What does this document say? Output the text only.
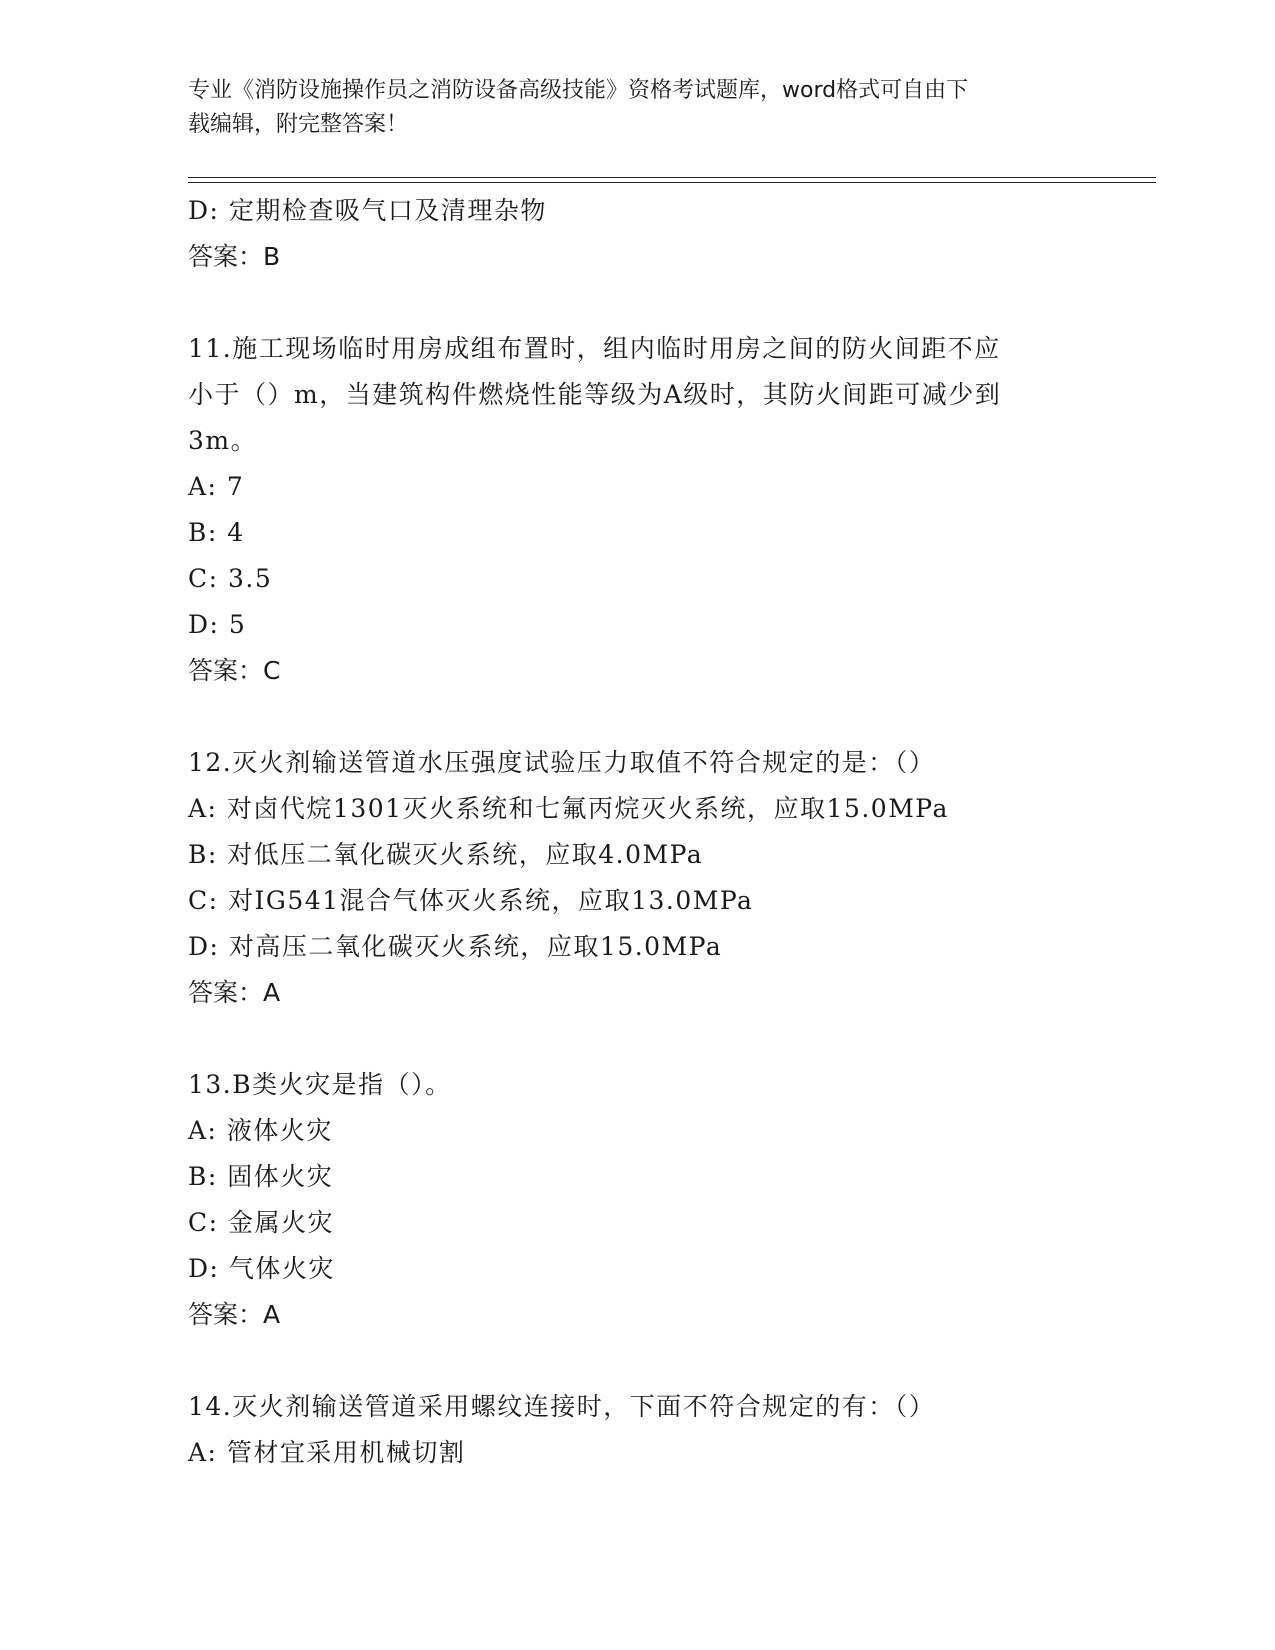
专业《消防设施操作员之消防设备高级技能》资格考试题库，word格式可自由下
载编辑，附完整答案！
D: 定期检查吸气口及清理杂物
答案：B
11.施工现场临时用房成组布置时，组内临时用房之间的防火间距不应
小于（）m，当建筑构件燃烧性能等级为A级时，其防火间距可减少到
3m。
A: 7
B: 4
C: 3.5
D: 5
答案：C
12.灭火剂输送管道水压强度试验压力取值不符合规定的是：（）
A: 对卤代烷1301灭火系统和七氟丙烷灭火系统，应取15.0MPa
B: 对低压二氧化碳灭火系统，应取4.0MPa
C: 对IG541混合气体灭火系统，应取13.0MPa
D: 对高压二氧化碳灭火系统，应取15.0MPa
答案：A
13.B类火灾是指（）。
A: 液体火灾
B: 固体火灾
C: 金属火灾
D: 气体火灾
答案：A
14.灭火剂输送管道采用螺纹连接时，下面不符合规定的有：（）
A: 管材宜采用机械切割
